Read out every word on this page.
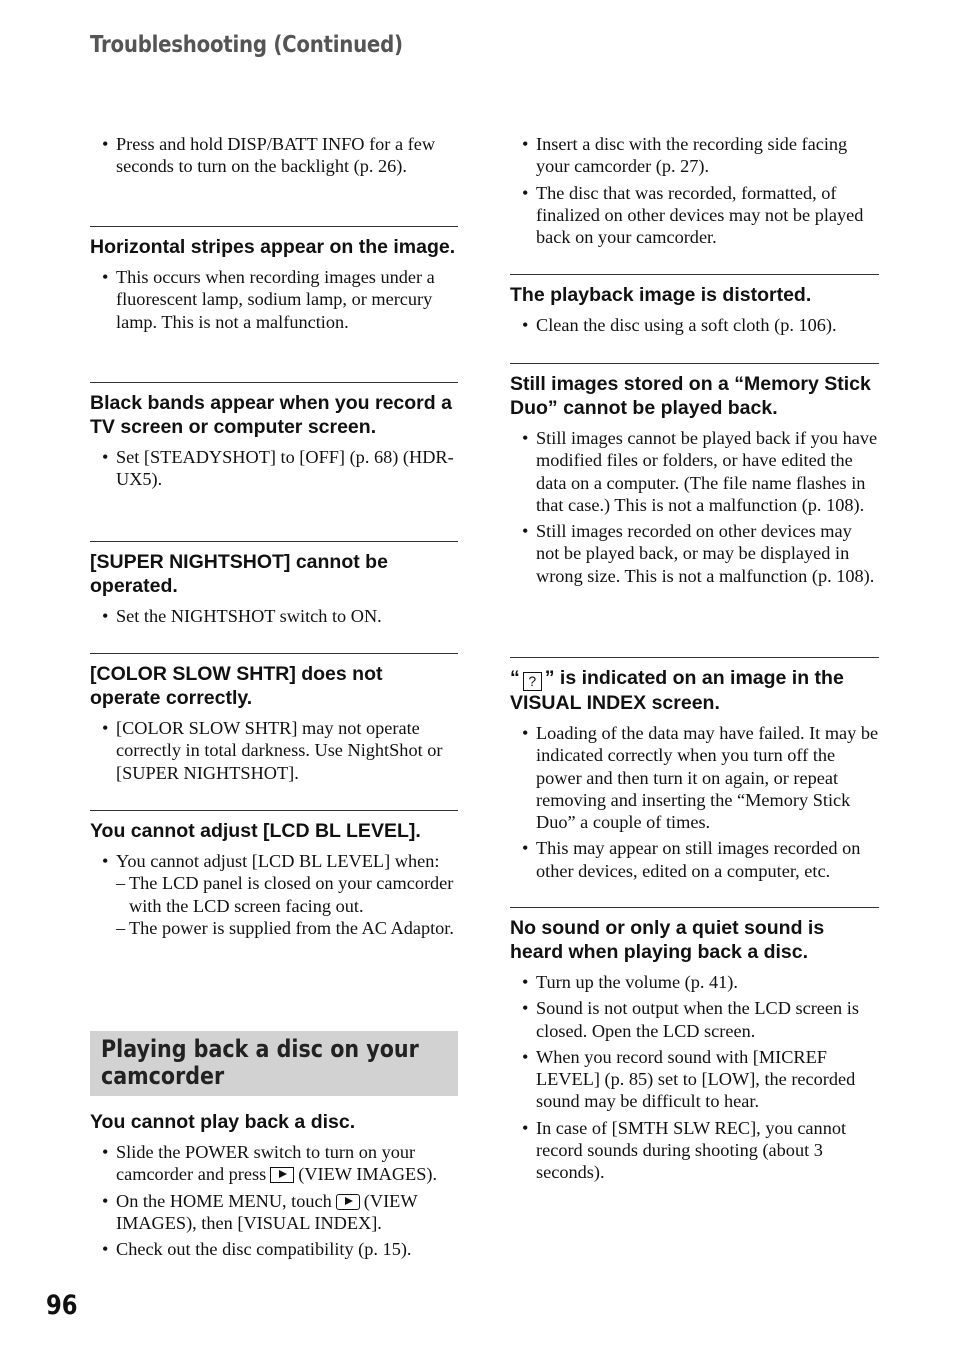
Troubleshooting (Continued)
• Press and hold DISP/BATT INFO for a few seconds to turn on the backlight (p. 26).
Horizontal stripes appear on the image.
• This occurs when recording images under a fluorescent lamp, sodium lamp, or mercury lamp. This is not a malfunction.
Black bands appear when you record a TV screen or computer screen.
• Set [STEADYSHOT] to [OFF] (p. 68) (HDR-UX5).
[SUPER NIGHTSHOT] cannot be operated.
• Set the NIGHTSHOT switch to ON.
[COLOR SLOW SHTR] does not operate correctly.
• [COLOR SLOW SHTR] may not operate correctly in total darkness. Use NightShot or [SUPER NIGHTSHOT].
You cannot adjust [LCD BL LEVEL].
• You cannot adjust [LCD BL LEVEL] when:
– The LCD panel is closed on your camcorder with the LCD screen facing out.
– The power is supplied from the AC Adaptor.
Playing back a disc on your camcorder
You cannot play back a disc.
• Slide the POWER switch to turn on your camcorder and press (VIEW IMAGES).
• On the HOME MENU, touch (VIEW IMAGES), then [VISUAL INDEX].
• Check out the disc compatibility (p. 15).
• Insert a disc with the recording side facing your camcorder (p. 27).
• The disc that was recorded, formatted, of finalized on other devices may not be played back on your camcorder.
The playback image is distorted.
• Clean the disc using a soft cloth (p. 106).
Still images stored on a “Memory Stick Duo” cannot be played back.
• Still images cannot be played back if you have modified files or folders, or have edited the data on a computer. (The file name flashes in that case.) This is not a malfunction (p. 108).
• Still images recorded on other devices may not be played back, or may be displayed in wrong size. This is not a malfunction (p. 108).
“ ? ” is indicated on an image in the VISUAL INDEX screen.
• Loading of the data may have failed. It may be indicated correctly when you turn off the power and then turn it on again, or repeat removing and inserting the “Memory Stick Duo” a couple of times.
• This may appear on still images recorded on other devices, edited on a computer, etc.
No sound or only a quiet sound is heard when playing back a disc.
• Turn up the volume (p. 41).
• Sound is not output when the LCD screen is closed. Open the LCD screen.
• When you record sound with [MICREF LEVEL] (p. 85) set to [LOW], the recorded sound may be difficult to hear.
• In case of [SMTH SLW REC], you cannot record sounds during shooting (about 3 seconds).
96
